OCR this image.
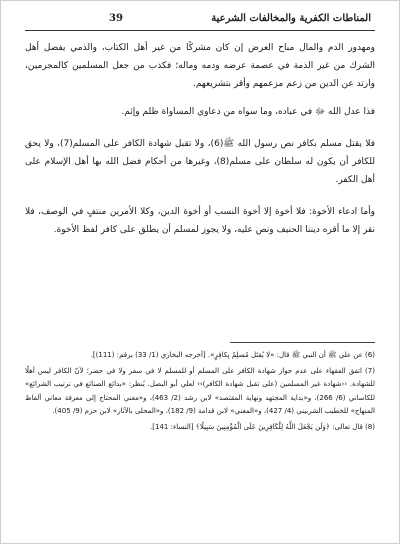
39	المناطات الكفرية والمخالفات الشرعية

ومهدور الدم والمال مباح العرض إن كان مشركًا من غير أهل الكتاب، والذمي يفضل أهل الشرك من غير الذمة في عصمة عرضه ودمه وماله؛ فكذب من جعل المسلمين كالمجرمين، وارتد عن الدين من زعم مزعمهم وأقر بتشريعهم.

فذا عدل الله ﷻ في عباده، وما سواه من دعاوي المساواة ظلم وإثم.

فلا يقتل مسلم بكافر نص رسول الله ﷺ(6)، ولا تقبل شهادة الكافر على المسلم(7)، ولا يحق للكافر أن يكون له سلطان على مسلم(8)، وغيرها من أحكام فضل الله بها أهل الإسلام على أهل الكفر.

وأما ادعاء الأخوة: فلا أخوة إلا أخوة النسب أو أخوة الدين، وكلا الأمرين منتفٍ في الوصف، فلا نقر إلا ما أقره ديننا الحنيف ونص عليه، ولا يجوز لمسلم أن يطلق على كافر لفظ الأخوة.

(6) عن علي ﷺ أن النبي ﷺ قال: «لا يُقتَل مُسلِمٌ بِكافِرٍ». [أخرجه البخاري (1/ 33) برقم: (111)].

(7) اتفق الفقهاء على عدم جواز شهادة الكافر على المسلم أو للمسلم لا في سفر ولا في حضر؛ لأنّ الكافر ليس أهلًا للشهادة. ‹‹شهادة غير المسلمين (على تقبل شهادة الكافر)›› لعلي أبو البصل. يُنظر: «بدائع الصنائع في ترتيب الشرائع» للكاساني (6/ 266)، و«بداية المجتهد ونهاية المقتصد» لابن رشد (2/ 463)، و«مغني المحتاج إلى معرفة معاني ألفاظ المنهاج» للخطيب الشربيني (4/ 427)، و«المغني» لابن قدامة (9/ 182)، و«المحلى بالآثار» لابن حزم (9/ 405).

(8) قال تعالى: ﴿وَلَن يَجْعَلَ اللَّهُ لِلْكَافِرِينَ عَلَى الْمُؤْمِنِينَ سَبِيلًا﴾ [النساء: 141].
